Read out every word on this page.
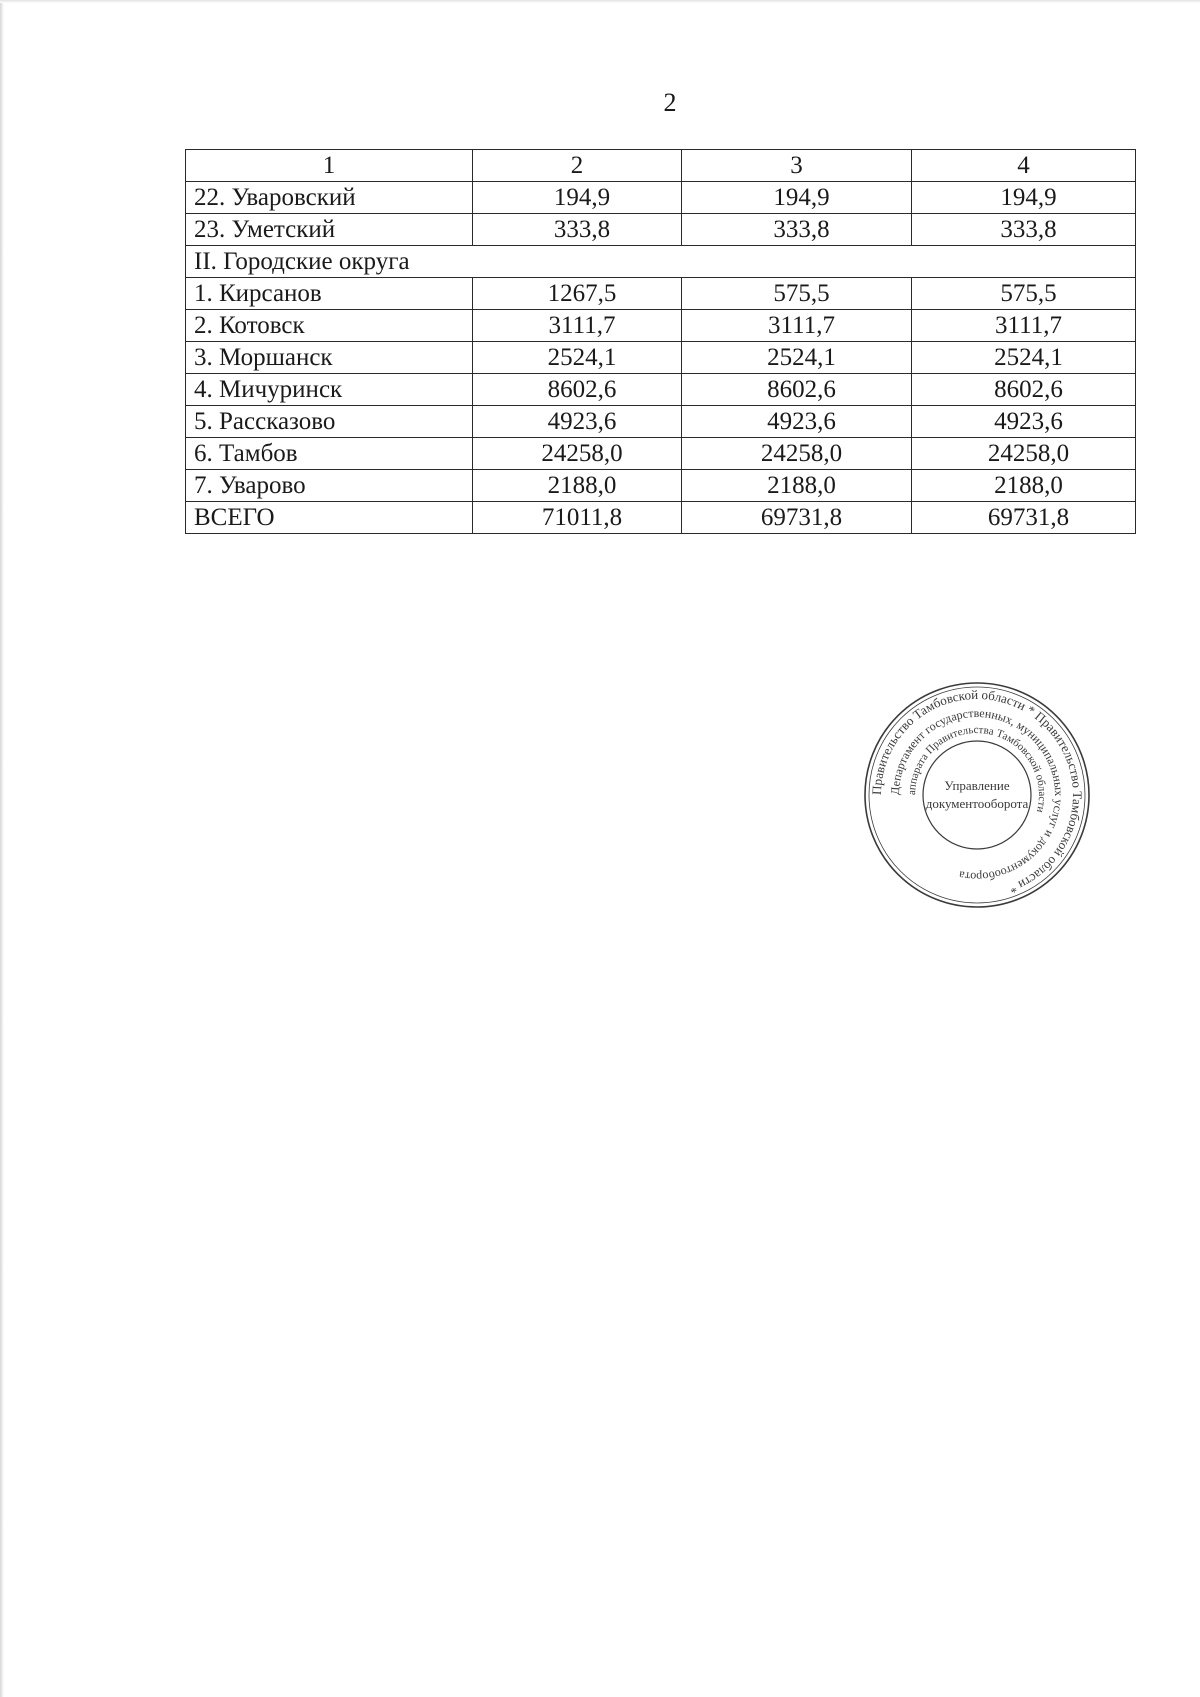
2
1	2	3	4
22. Уваровский	194,9	194,9	194,9
23. Уметский	333,8	333,8	333,8
II. Городские округа			
1. Кирсанов	1267,5	575,5	575,5
2. Котовск	3111,7	3111,7	3111,7
3. Моршанск	2524,1	2524,1	2524,1
4. Мичуринск	8602,6	8602,6	8602,6
5. Рассказово	4923,6	4923,6	4923,6
6. Тамбов	24258,0	24258,0	24258,0
7. Уварово	2188,0	2188,0	2188,0
ВСЕГО	71011,8	69731,8	69731,8
Правительство Тамбовской области * Правительство Тамбовской области *
Департамент государственных, муниципальных услуг и документооборота
аппарата Правительства Тамбовской области
Управление
документооборота
